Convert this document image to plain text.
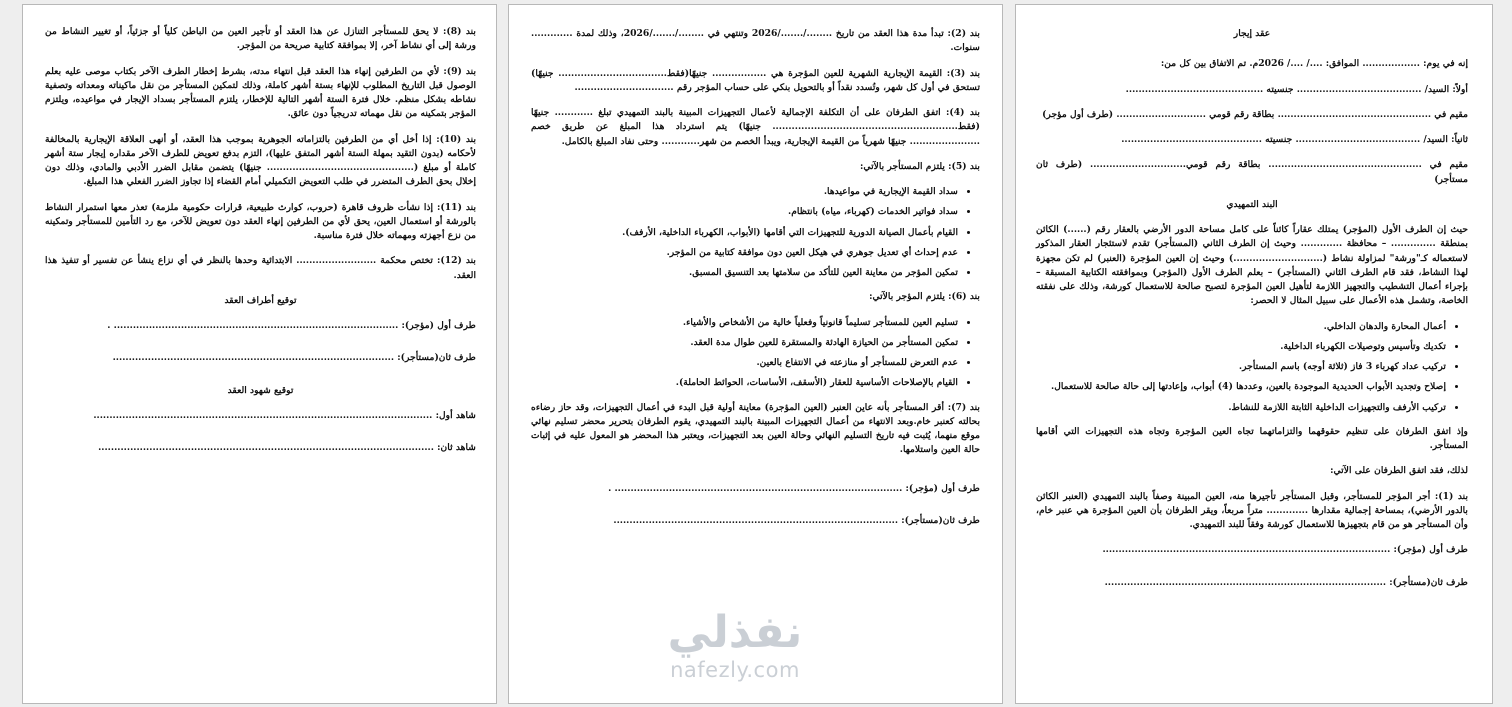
عقد إيجار

إنه في يوم: .................. الموافق: ..../ ..../ 2026م. تم الاتفاق بين كل من:

أولاً: السيد/ ....................................... جنسيته ...........................................

مقيم في ................................................ بطاقة رقم قومي ............................ (طرف أول مؤجر)

ثانياً: السيد/ ....................................... جنسيته ............................................

مقيم في ................................................ بطاقة رقم قومي.............................. (طرف ثان مستأجر)

البند التمهيدي

حيث إن الطرف الأول (المؤجر) يمتلك عقاراً كائناً على كامل مساحة الدور الأرضي بالعقار رقم (......) الكائن بمنطقة .............. – محافظة ............. وحيث إن الطرف الثاني (المستأجر) تقدم لاستئجار العقار المذكور لاستعماله كـ"ورشة" لمزاولة نشاط (............................) وحيث إن العين المؤجرة (العنبر) لم تكن مجهزة لهذا النشاط، فقد قام الطرف الثاني (المستأجر) – بعلم الطرف الأول (المؤجر) وبموافقته الكتابية المسبقة – بإجراء أعمال التشطيب والتجهيز اللازمة لتأهيل العين المؤجرة لتصبح صالحة للاستعمال كورشة، وذلك على نفقته الخاصة، وتشمل هذه الأعمال على سبيل المثال لا الحصر:

• أعمال المحارة والدهان الداخلي.
• تكديك وتأسيس وتوصيلات الكهرباء الداخلية.
• تركيب عداد كهرباء 3 فاز (ثلاثة أوجه) باسم المستأجر.
• إصلاح وتجديد الأبواب الحديدية الموجودة بالعين، وعددها (4) أبواب، وإعادتها إلى حالة صالحة للاستعمال.
• تركيب الأرفف والتجهيزات الداخلية الثابتة اللازمة للنشاط.

وإذ اتفق الطرفان على تنظيم حقوقهما والتزاماتهما تجاه العين المؤجرة وتجاه هذه التجهيزات التي أقامها المستأجر.

لذلك، فقد اتفق الطرفان على الآتي:

بند (1): أجر المؤجر للمستأجر، وقبل المستأجر تأجيرها منه، العين المبينة وصفاً بالبند التمهيدي (العنبر الكائن بالدور الأرضي)، بمساحة إجمالية مقدارها ............. متراً مربعاً، ويقر الطرفان بأن العين المؤجرة هي عنبر خام، وأن المستأجر هو من قام بتجهيزها للاستعمال كورشة وفقاً للبند التمهيدي.

طرف أول (مؤجر): ..........................................................................................

طرف ثان(مستأجر): ........................................................................................

بند (2): تبدأ مدة هذا العقد من تاريخ ......../......./2026 وتنتهي في ......../......./2026، وذلك لمدة ............. سنوات.

بند (3): القيمة الإيجارية الشهرية للعين المؤجرة هي ................. جنيهًا(فقط.................................. جنيهًا) تستحق في أول كل شهر، وتُسدد نقداً أو بالتحويل بنكي على حساب المؤجر رقم ...............................

بند (4): اتفق الطرفان على أن التكلفة الإجمالية لأعمال التجهيزات المبينة بالبند التمهيدي تبلغ ............ جنيهًا (فقط.......................................................... جنيهًا) يتم استرداد هذا المبلغ عن طريق خصم ...................... جنيهًا شهرياً من القيمة الإيجارية، ويبدأ الخصم من شهر............ وحتى نفاد المبلغ بالكامل.

بند (5): يلتزم المستأجر بالآتي:

• سداد القيمة الإيجارية في مواعيدها.
• سداد فواتير الخدمات (كهرباء، مياه) بانتظام.
• القيام بأعمال الصيانة الدورية للتجهيزات التي أقامها (الأبواب، الكهرباء الداخلية، الأرفف).
• عدم إحداث أي تعديل جوهري في هيكل العين دون موافقة كتابية من المؤجر.
• تمكين المؤجر من معاينة العين للتأكد من سلامتها بعد التنسيق المسبق.

بند (6): يلتزم المؤجر بالآتي:

• تسليم العين للمستأجر تسليماً قانونياً وفعلياً خالية من الأشخاص والأشياء.
• تمكين المستأجر من الحيازة الهادئة والمستقرة للعين طوال مدة العقد.
• عدم التعرض للمستأجر أو منازعته في الانتفاع بالعين.
• القيام بالإصلاحات الأساسية للعقار (الأسقف، الأساسات، الحوائط الحاملة).

بند (7): أقر المستأجر بأنه عاين العنبر (العين المؤجرة) معاينة أولية قبل البدء في أعمال التجهيزات، وقد حاز رضاءه بحالته كعنبر خام.وبعد الانتهاء من أعمال التجهيزات المبينة بالبند التمهيدي، يقوم الطرفان بتحرير محضر تسليم نهائي موقع منهما، يُثبت فيه تاريخ التسليم النهائي وحالة العين بعد التجهيزات، ويعتبر هذا المحضر هو المعول عليه في إثبات حالة العين واستلامها.

طرف أول (مؤجر): .......................................................................................... .

طرف ثان(مستأجر): .........................................................................................

بند (8): لا يحق للمستأجر التنازل عن هذا العقد أو تأجير العين من الباطن كلياً أو جزئياً، أو تغيير النشاط من ورشة إلى أي نشاط آخر، إلا بموافقة كتابية صريحة من المؤجر.

بند (9): لأي من الطرفين إنهاء هذا العقد قبل انتهاء مدته، بشرط إخطار الطرف الآخر بكتاب موصى عليه بعلم الوصول قبل التاريخ المطلوب للإنهاء بستة أشهر كاملة، وذلك لتمكين المستأجر من نقل ماكيناته ومعداته وتصفية نشاطه بشكل منظم. خلال فترة الستة أشهر التالية للإخطار، يلتزم المستأجر بسداد الإيجار في مواعيده، ويلتزم المؤجر بتمكينه من نقل مهماته تدريجياً دون عائق.

بند (10): إذا أخل أي من الطرفين بالتزاماته الجوهرية بموجب هذا العقد، أو أنهى العلاقة الإيجارية بالمخالفة لأحكامه (بدون التقيد بمهلة الستة أشهر المتفق عليها)، التزم بدفع تعويض للطرف الآخر مقداره إيجار ستة أشهر كاملة أو مبلغ (.............................................. جنيهًا) يتضمن مقابل الضرر الأدبي والمادي، وذلك دون إخلال بحق الطرف المتضرر في طلب التعويض التكميلي أمام القضاء إذا تجاوز الضرر الفعلي هذا المبلغ.

بند (11): إذا نشأت ظروف قاهرة (حروب، كوارث طبيعية، قرارات حكومية ملزمة) تعذر معها استمرار النشاط بالورشة أو استعمال العين، يحق لأي من الطرفين إنهاء العقد دون تعويض للآخر، مع رد التأمين للمستأجر وتمكينه من نزع أجهزته ومهماته خلال فترة مناسبة.

بند (12): تختص محكمة ......................... الابتدائية وحدها بالنظر في أي نزاع ينشأ عن تفسير أو تنفيذ هذا العقد.

توقيع أطراف العقد

طرف أول (مؤجر): ......................................................................................... .

طرف ثان(مستأجر): ........................................................................................

توقيع شهود العقد

شاهد أول: ..........................................................................................................

شاهد ثان: .........................................................................................................

نفذلي
nafezly.com
